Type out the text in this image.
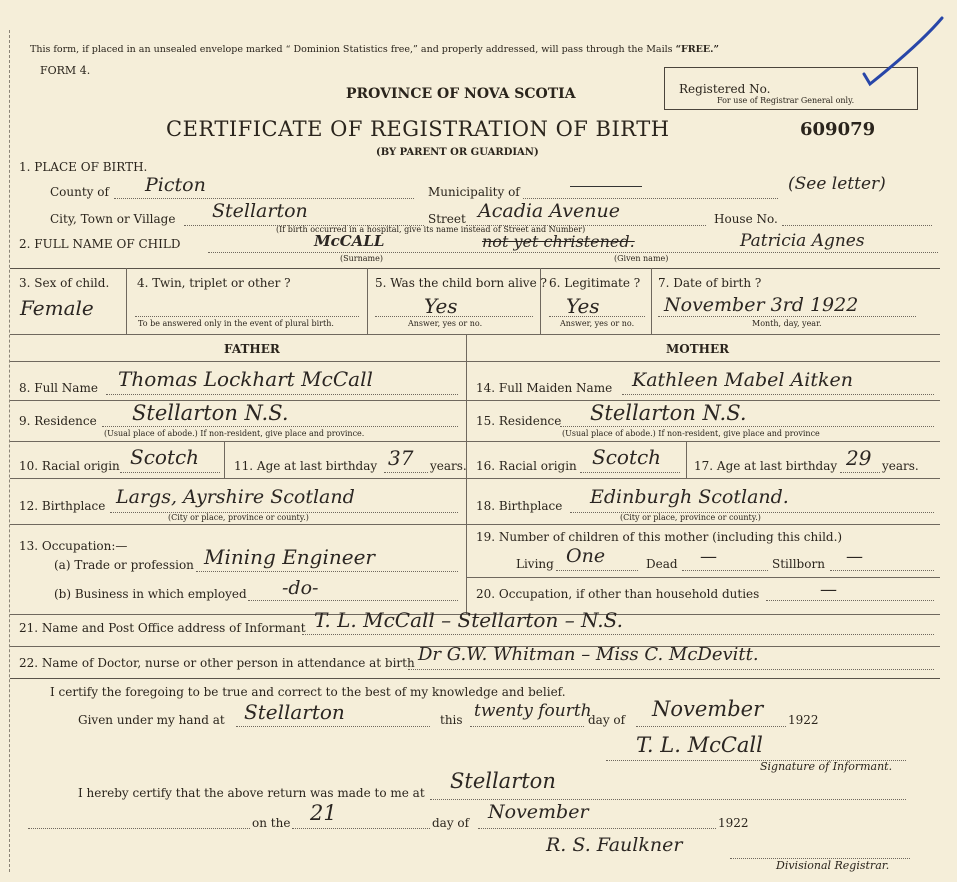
This form, if placed in an unsealed envelope marked “ Dominion Statistics free,” and properly addressed, will pass through the Mails “FREE.”
FORM 4.
PROVINCE OF NOVA SCOTIA
CERTIFICATE OF REGISTRATION OF BIRTH
(BY PARENT OR GUARDIAN)
609079
Registered No.
For use of Registrar General only.
1. PLACE OF BIRTH.
County of Picton	Municipality of	(See letter)
City, Town or Village Stellarton	Street Acadia Avenue	House No.
(If birth occurred in a hospital, give its name instead of Street and Number)
2. FULL NAME OF CHILD	McCALL	not yet christened.	Patricia Agnes
(Surname)	(Given name)
3. Sex of child.
Female
4. Twin, triplet or other ?
To be answered only in the event of plural birth.
5. Was the child born alive ?
Yes
Answer, yes or no.
6. Legitimate ?
Yes
Answer, yes or no.
7. Date of birth ?
November 3rd 1922
Month, day, year.
FATHER	MOTHER
8. Full Name Thomas Lockhart McCall	14. Full Maiden Name Kathleen Mabel Aitken
9. Residence Stellarton N.S.
(Usual place of abode.) If non-resident, give place and province.
15. Residence Stellarton N.S.
(Usual place of abode.) If non-resident, give place and province
10. Racial origin Scotch	11. Age at last birthday 37 years. 16. Racial origin Scotch	17. Age at last birthday 29 years.
12. Birthplace Largs, Ayrshire Scotland
(City or place, province or county.)
18. Birthplace Edinburgh Scotland.
(City or place, province or county.)
13. Occupation:—
(a) Trade or profession Mining Engineer
(b) Business in which employed -do-
19. Number of children of this mother (including this child.)
Living One	Dead —	Stillborn —
20. Occupation, if other than household duties	—
21. Name and Post Office address of Informant T. L. McCall – Stellarton – N.S.
22. Name of Doctor, nurse or other person in attendance at birth Dr G.W. Whitman – Miss C. McDevitt.
I certify the foregoing to be true and correct to the best of my knowledge and belief.
Given under my hand at Stellarton	this twenty fourth
day of November 1922
T. L. McCall
Signature of Informant.
I hereby certify that the above return was made to me at Stellarton
on the 21	day of November	1922
R. S. Faulkner
Divisional Registrar.
